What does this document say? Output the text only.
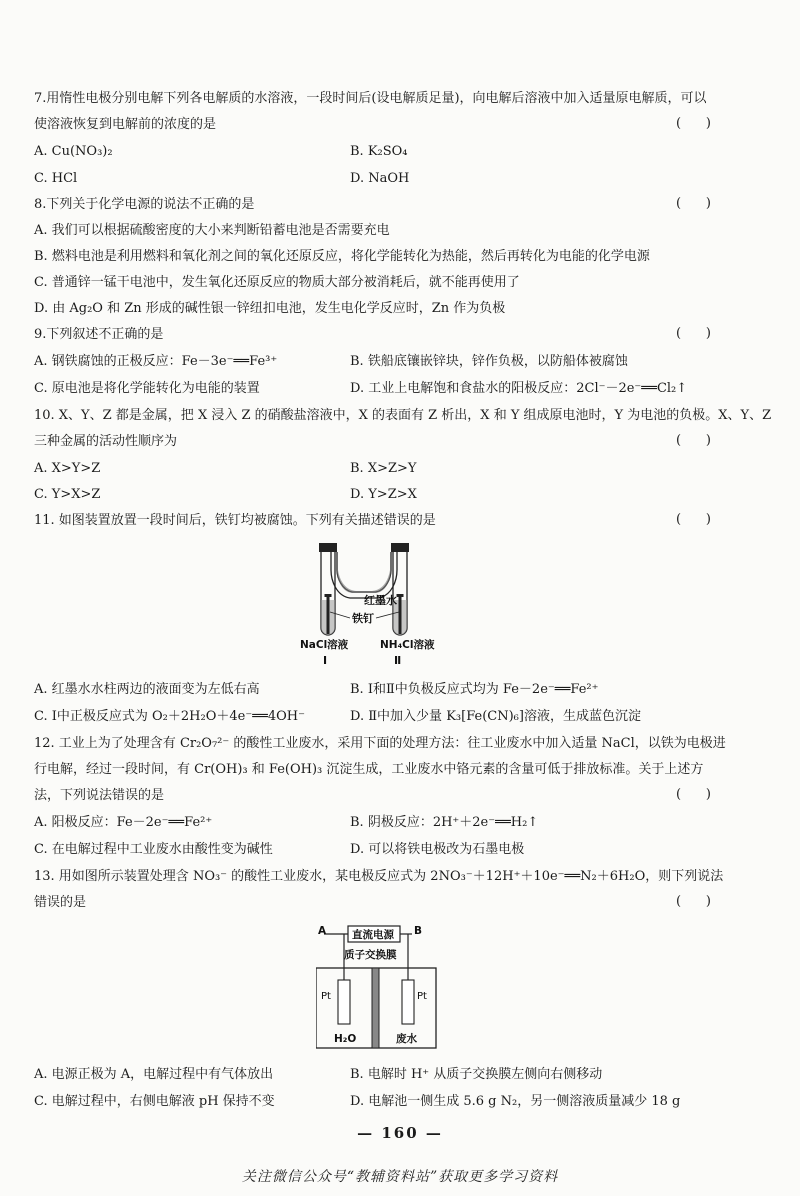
7.用惰性电极分别电解下列各电解质的水溶液，一段时间后(设电解质足量)，向电解后溶液中加入适量原电解质，可以
使溶液恢复到电解前的浓度的是	(      )
A. Cu(NO₃)₂	B. K₂SO₄
C. HCl	D. NaOH
8.下列关于化学电源的说法不正确的是	(      )
A. 我们可以根据硫酸密度的大小来判断铅蓄电池是否需要充电
B. 燃料电池是利用燃料和氧化剂之间的氧化还原反应，将化学能转化为热能，然后再转化为电能的化学电源
C. 普通锌一锰干电池中，发生氧化还原反应的物质大部分被消耗后，就不能再使用了
D. 由 Ag₂O 和 Zn 形成的碱性银一锌纽扣电池，发生电化学反应时，Zn 作为负极
9.下列叙述不正确的是	(      )
A. 钢铁腐蚀的正极反应：Fe－3e⁻══Fe³⁺	B. 铁船底镶嵌锌块，锌作负极，以防船体被腐蚀
C. 原电池是将化学能转化为电能的装置	D. 工业上电解饱和食盐水的阳极反应：2Cl⁻－2e⁻══Cl₂↑
10. X、Y、Z 都是金属，把 X 浸入 Z 的硝酸盐溶液中，X 的表面有 Z 析出，X 和 Y 组成原电池时，Y 为电池的负极。X、Y、Z
三种金属的活动性顺序为	(      )
A. X>Y>Z	B. X>Z>Y
C. Y>X>Z	D. Y>Z>X
11. 如图装置放置一段时间后，铁钉均被腐蚀。下列有关描述错误的是	(      )
红墨水
铁钉
NaCl溶液	NH₄Cl溶液
Ⅰ	Ⅱ
A. 红墨水水柱两边的液面变为左低右高	B. Ⅰ和Ⅱ中负极反应式均为 Fe－2e⁻══Fe²⁺
C. Ⅰ中正极反应式为 O₂＋2H₂O＋4e⁻══4OH⁻	D. Ⅱ中加入少量 K₃[Fe(CN)₆]溶液，生成蓝色沉淀
12. 工业上为了处理含有 Cr₂O₇²⁻ 的酸性工业废水，采用下面的处理方法：往工业废水中加入适量 NaCl，以铁为电极进
行电解，经过一段时间，有 Cr(OH)₃ 和 Fe(OH)₃ 沉淀生成，工业废水中铬元素的含量可低于排放标准。关于上述方
法，下列说法错误的是	(      )
A. 阳极反应：Fe－2e⁻══Fe²⁺	B. 阴极反应：2H⁺＋2e⁻══H₂↑
C. 在电解过程中工业废水由酸性变为碱性	D. 可以将铁电极改为石墨电极
13. 用如图所示装置处理含 NO₃⁻ 的酸性工业废水，某电极反应式为 2NO₃⁻＋12H⁺＋10e⁻══N₂＋6H₂O，则下列说法
错误的是	(      )
直流电源
A	B
质子交换膜
Pt	Pt
H₂O	废水
A. 电源正极为 A，电解过程中有气体放出	B. 电解时 H⁺ 从质子交换膜左侧向右侧移动
C. 电解过程中，右侧电解液 pH 保持不变	D. 电解池一侧生成 5.6 g N₂，另一侧溶液质量减少 18 g
— 160 —
关注微信公众号“教辅资料站”获取更多学习资料
